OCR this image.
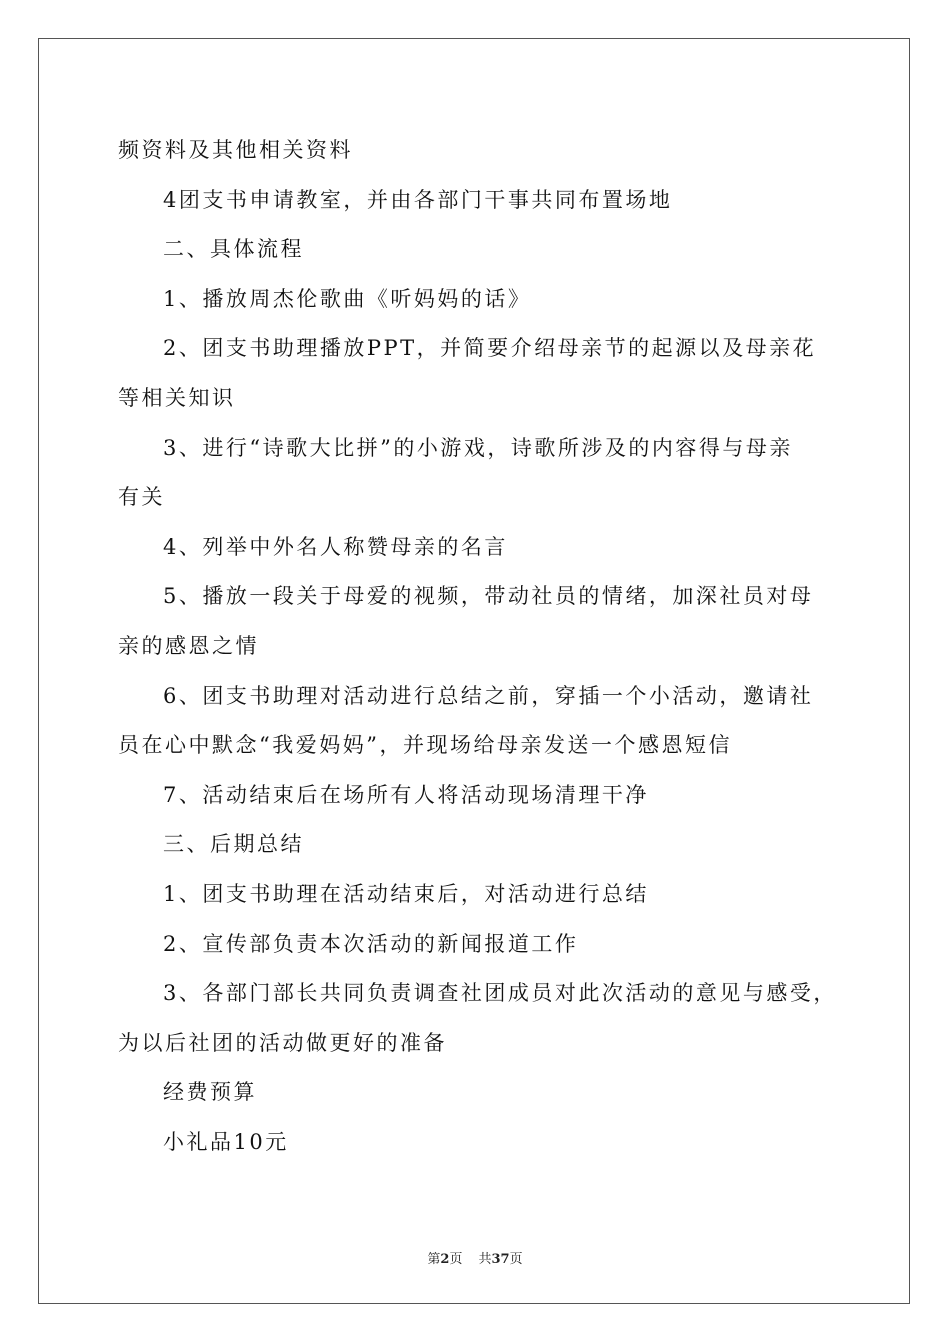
频资料及其他相关资料
4团支书申请教室，并由各部门干事共同布置场地
二、具体流程
1、播放周杰伦歌曲《听妈妈的话》
2、团支书助理播放PPT，并简要介绍母亲节的起源以及母亲花
等相关知识
3、进行“诗歌大比拼”的小游戏，诗歌所涉及的内容得与母亲
有关
4、列举中外名人称赞母亲的名言
5、播放一段关于母爱的视频，带动社员的情绪，加深社员对母
亲的感恩之情
6、团支书助理对活动进行总结之前，穿插一个小活动，邀请社
员在心中默念“我爱妈妈”，并现场给母亲发送一个感恩短信
7、活动结束后在场所有人将活动现场清理干净
三、后期总结
1、团支书助理在活动结束后，对活动进行总结
2、宣传部负责本次活动的新闻报道工作
3、各部门部长共同负责调查社团成员对此次活动的意见与感受，
为以后社团的活动做更好的准备
经费预算
小礼品10元
第2页 共37页
